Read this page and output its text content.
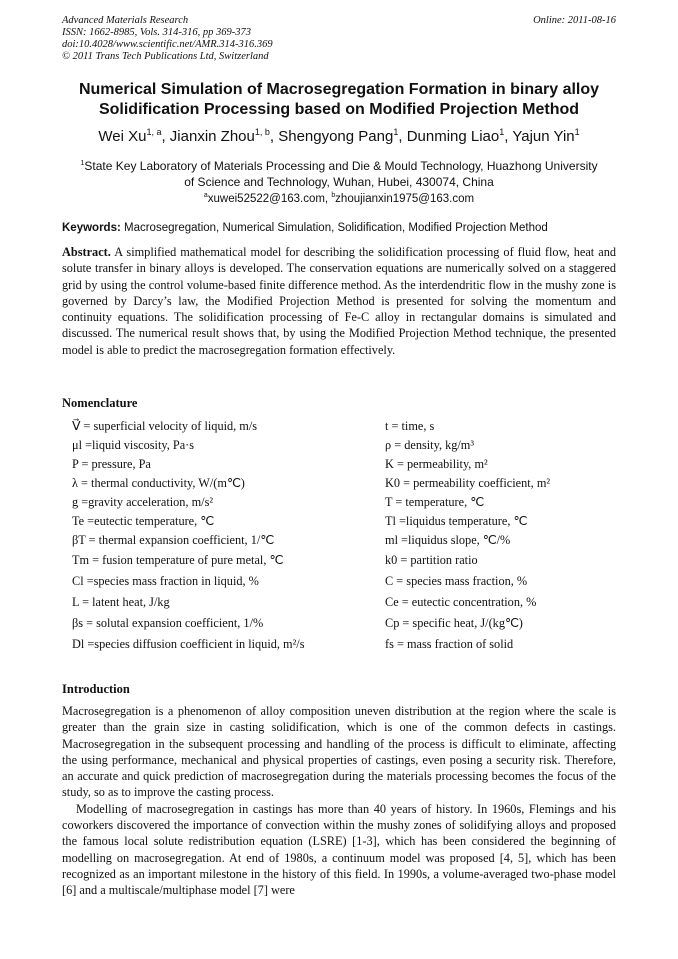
Advanced Materials Research
ISSN: 1662-8985, Vols. 314-316, pp 369-373
doi:10.4028/www.scientific.net/AMR.314-316.369
© 2011 Trans Tech Publications Ltd, Switzerland
Online: 2011-08-16
Numerical Simulation of Macrosegregation Formation in binary alloy
Solidification Processing based on Modified Projection Method
Wei Xu$^{1, a}$, Jianxin Zhou$^{1, b}$, Shengyong Pang$^1$, Dunming Liao$^1$, Yajun Yin$^1$
$^1$State Key Laboratory of Materials Processing and Die & Mould Technology, Huazhong University
of Science and Technology, Wuhan, Hubei, 430074, China
$^a$xuwei52522@163.com, $^b$zhoujianxin1975@163.com
Keywords: Macrosegregation, Numerical Simulation, Solidification, Modified Projection Method
Abstract. A simplified mathematical model for describing the solidification processing of fluid flow, heat and solute transfer in binary alloys is developed. The conservation equations are numerically solved on a staggered grid by using the control volume-based finite difference method. As the interdendritic flow in the mushy zone is governed by Darcy’s law, the Modified Projection Method is presented for solving the momentum and continuity equations. The solidification processing of Fe-C alloy in rectangular domains is simulated and discussed. The numerical result shows that, by using the Modified Projection Method technique, the presented model is able to predict the macrosegregation formation effectively.
Nomenclature
V⃗ = superficial velocity of liquid, m/s	t = time, s
μl =liquid viscosity, Pa·s	ρ = density, kg/m³
P = pressure, Pa	K = permeability, m²
λ = thermal conductivity, W/(m℃)	K0 = permeability coefficient, m²
g =gravity acceleration, m/s²	T = temperature, ℃
Te =eutectic temperature, ℃	Tl =liquidus temperature, ℃
βT = thermal expansion coefficient, 1/℃	ml =liquidus slope, ℃/%
Tm = fusion temperature of pure metal, ℃	k0 = partition ratio
Cl =species mass fraction in liquid, %	C = species mass fraction, %
L = latent heat, J/kg	Ce = eutectic concentration, %
βs = solutal expansion coefficient, 1/%	Cp = specific heat, J/(kg℃)
Dl =species diffusion coefficient in liquid, m²/s	fs = mass fraction of solid
Introduction

Macrosegregation is a phenomenon of alloy composition uneven distribution at the region where the scale is greater than the grain size in casting solidification, which is one of the common defects in castings. Macrosegregation in the subsequent processing and handling of the process is difficult to eliminate, affecting the using performance, mechanical and physical properties of castings, even posing a security risk. Therefore, an accurate and quick prediction of macrosegregation during the materials processing becomes the focus of the study, so as to improve the casting process.

Modelling of macrosegregation in castings has more than 40 years of history. In 1960s, Flemings and his coworkers discovered the importance of convection within the mushy zones of solidifying alloys and proposed the famous local solute redistribution equation (LSRE) [1-3], which has been considered the beginning of modelling on macrosegregation. At end of 1980s, a continuum model was proposed [4, 5], which has been recognized as an important milestone in the history of this field. In 1990s, a volume-averaged two-phase model [6] and a multiscale/multiphase model [7] were
